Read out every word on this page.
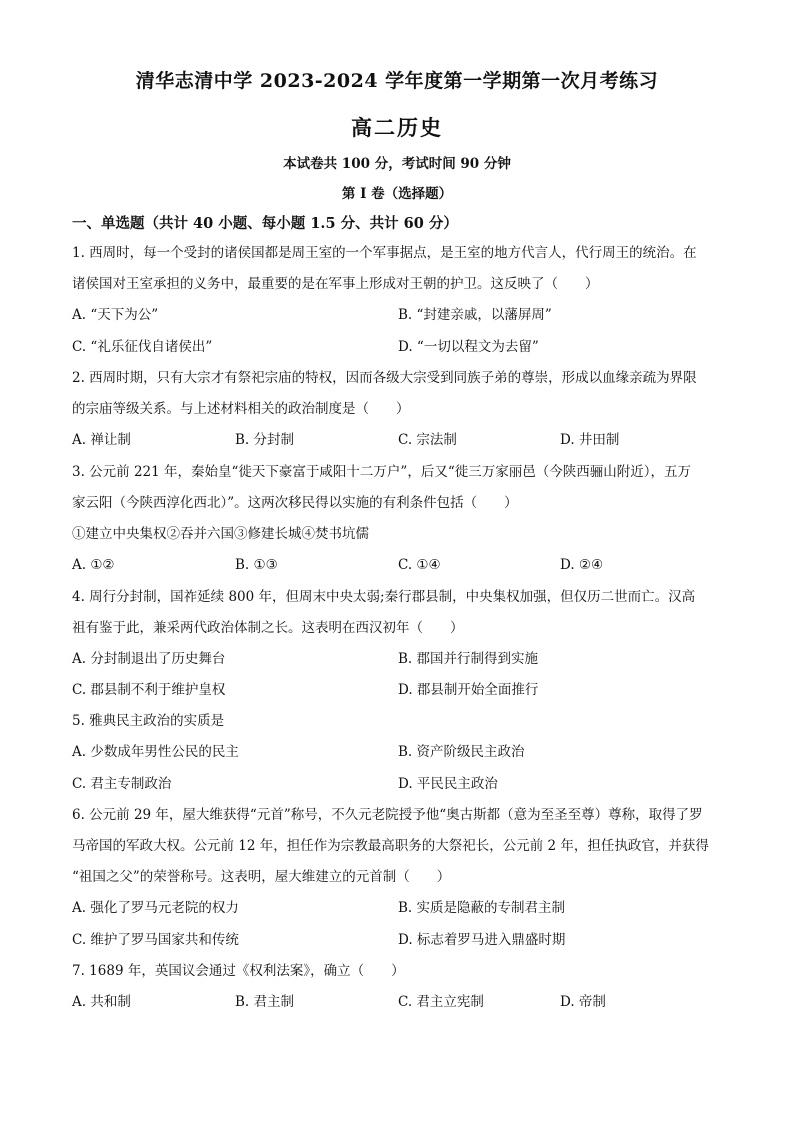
清华志清中学 2023-2024 学年度第一学期第一次月考练习
高二历史
本试卷共 100 分，考试时间 90 分钟
第 I 卷（选择题）
一、单选题（共计 40 小题、每小题 1.5 分、共计 60 分）
1. 西周时，每一个受封的诸侯国都是周王室的一个军事据点，是王室的地方代言人，代行周王的统治。在
诸侯国对王室承担的义务中，最重要的是在军事上形成对王朝的护卫。这反映了（　　）
A. “天下为公”	B. “封建亲戚，以藩屏周”
C. “礼乐征伐自诸侯出”	D. “一切以程文为去留”
2. 西周时期，只有大宗才有祭祀宗庙的特权，因而各级大宗受到同族子弟的尊崇，形成以血缘亲疏为界限
的宗庙等级关系。与上述材料相关的政治制度是（　　）
A. 禅让制	B. 分封制	C. 宗法制	D. 井田制
3. 公元前 221 年，秦始皇“徙天下豪富于咸阳十二万户”，后又“徙三万家丽邑（今陕西骊山附近），五万
家云阳（今陕西淳化西北）”。这两次移民得以实施的有利条件包括（　　）
①建立中央集权②吞并六国③修建长城④焚书坑儒
A. ①②	B. ①③	C. ①④	D. ②④
4. 周行分封制，国祚延续 800 年，但周末中央太弱;秦行郡县制，中央集权加强，但仅历二世而亡。汉高
祖有鉴于此，兼采两代政治体制之长。这表明在西汉初年（　　）
A. 分封制退出了历史舞台	B. 郡国并行制得到实施
C. 郡县制不利于维护皇权	D. 郡县制开始全面推行
5. 雅典民主政治的实质是
A. 少数成年男性公民的民主	B. 资产阶级民主政治
C. 君主专制政治	D. 平民民主政治
6. 公元前 29 年，屋大维获得“元首”称号，不久元老院授予他“奥古斯都（意为至圣至尊）尊称，取得了罗
马帝国的军政大权。公元前 12 年，担任作为宗教最高职务的大祭祀长，公元前 2 年，担任执政官，并获得
“祖国之父”的荣誉称号。这表明，屋大维建立的元首制（　　）
A. 强化了罗马元老院的权力	B. 实质是隐蔽的专制君主制
C. 维护了罗马国家共和传统	D. 标志着罗马进入鼎盛时期
7. 1689 年，英国议会通过《权利法案》，确立（　　）
A. 共和制	B. 君主制	C. 君主立宪制	D. 帝制
